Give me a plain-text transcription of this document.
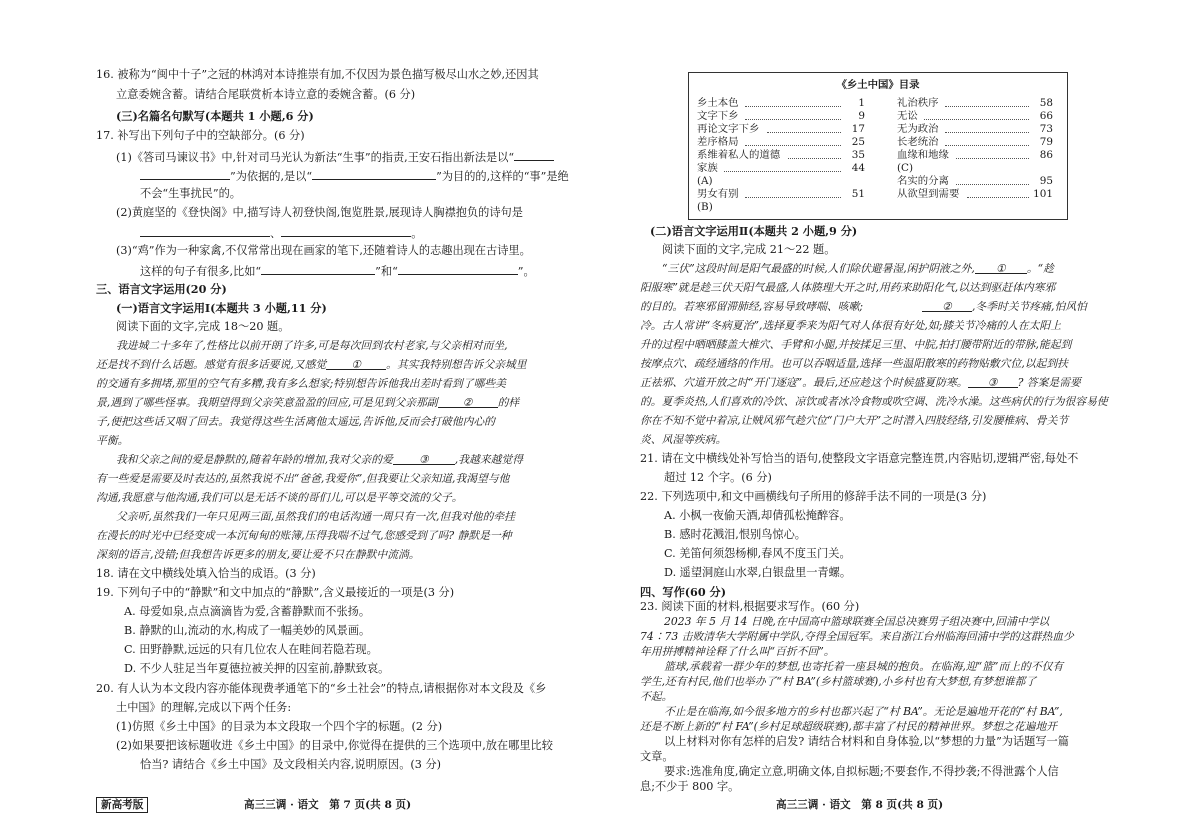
16. 被称为“闽中十子”之冠的林鸿对本诗推崇有加,不仅因为景色描写极尽山水之妙,还因其
立意委婉含蓄。请结合尾联赏析本诗立意的委婉含蓄。(6 分)
(三)名篇名句默写(本题共 1 小题,6 分)
17. 补写出下列句子中的空缺部分。(6 分)
(1)《答司马谏议书》中,针对司马光认为新法“生事”的指责,王安石指出新法是以“
”为依据的,是以“	”为目的的,这样的“事”是绝
不会“生事扰民”的。
(2)黄庭坚的《登快阁》中,描写诗人初登快阁,饱览胜景,展现诗人胸襟抱负的诗句是
、	。
(3)“鸡”作为一种家禽,不仅常常出现在画家的笔下,还随着诗人的志趣出现在古诗里。
这样的句子有很多,比如“	”和“	”。
三、语言文字运用(20 分)
(一)语言文字运用Ⅰ(本题共 3 小题,11 分)
阅读下面的文字,完成 18～20 题。
我进城二十多年了,性格比以前开朗了许多,可是每次回到农村老家,与父亲相对而坐,
还是找不到什么话题。感觉有很多话要说,又感觉 ① 。其实我特别想告诉父亲城里
的交通有多拥堵,那里的空气有多糟,我有多么想家;特别想告诉他我出差时看到了哪些美
景,遇到了哪些怪事。我期望得到父亲笑意盈盈的回应,可是见到父亲那副 ② 的样
子,便把这些话又咽了回去。我觉得这些生活离他太遥远,告诉他,反而会打破他内心的
平衡。
我和父亲之间的爱是静默的,随着年龄的增加,我对父亲的爱 ③ ,我越来越觉得
有一些爱是需要及时表达的,虽然我说不出“爸爸,我爱你”,但我要让父亲知道,我渴望与他
沟通,我愿意与他沟通,我们可以是无话不谈的哥们儿,可以是平等交流的父子。
父亲听,虽然我们一年只见两三面,虽然我们的电话沟通一周只有一次,但我对他的牵挂
在漫长的时光中已经变成一本沉甸甸的账簿,压得我喘不过气,您感受到了吗? 静默是一种
深刻的语言,没错;但我想告诉更多的朋友,要让爱不只在静默中流淌。
18. 请在文中横线处填入恰当的成语。(3 分)
19. 下列句子中的“静默”和文中加点的“静默”,含义最接近的一项是(3 分)
A. 母爱如泉,点点滴滴皆为爱,含蓄静默而不张扬。
B. 静默的山,流动的水,构成了一幅美妙的风景画。
C. 田野静默,远远的只有几位农人在畦间若隐若现。
D. 不少人驻足当年夏德拉被关押的囚室前,静默致哀。
20. 有人认为本文段内容亦能体现费孝通笔下的“乡土社会”的特点,请根据你对本文段及《乡
土中国》的理解,完成以下两个任务:
(1)仿照《乡土中国》的目录为本文段取一个四个字的标题。(2 分)
(2)如果要把该标题收进《乡土中国》的目录中,你觉得在提供的三个选项中,放在哪里比较
恰当? 请结合《乡土中国》及文段相关内容,说明原因。(3 分)
《乡土中国》目录
乡土本色	1
文字下乡	9
再论文字下乡	17
差序格局	25
系维着私人的道德	35
家族	44
(A)
男女有别	51
(B)
礼治秩序	58
无讼	66
无为政治	73
长老统治	79
血缘和地缘	86
(C)
名实的分离	95
从欲望到需要	101
(二)语言文字运用Ⅱ(本题共 2 小题,9 分)
阅读下面的文字,完成 21～22 题。
“三伏”这段时间是阳气最盛的时候,人们除伏避暑湿,闲护阴液之外, ① 。“趁
阳服寒”就是趁三伏天阳气最盛,人体腠理大开之时,用药来助阳化气,以达到驱赶体内寒邪
的目的。若寒邪留滞肺经,容易导致哮喘、咳嗽;	② ,冬季时关节疼痛,怕风怕
冷。古人常讲“冬病夏治”,选择夏季来为阳气对人体很有好处,如;膝关节冷痛的人在太阳上
升的过程中晒晒膝盖大椎穴、手臂和小腿,并按揉足三里、中脘,拍打腰带附近的带脉,能起到
按摩点穴、疏经通络的作用。也可以吞咽适量,选择一些温阳散寒的药物贴敷穴位,以起到扶
正祛邪、穴道开放之时“开门逐寇”。最后,还应趁这个时候盛夏防寒。 ③ ? 答案是需要
的。夏季炎热,人们喜欢的冷饮、凉饮或者冰冷食物或吹空调、洗冷水澡。这些病伏的行为很容易使
你在不知不觉中着凉,让贼风邪气趁穴位“门户大开”之时潜入四肢经络,引发腰椎病、骨关节
炎、风湿等疾病。
21. 请在文中横线处补写恰当的语句,使整段文字语意完整连贯,内容贴切,逻辑严密,每处不
超过 12 个字。(6 分)
22. 下列选项中,和文中画横线句子所用的修辞手法不同的一项是(3 分)
A. 小枫一夜偷天酒,却倩孤松掩醉容。
B. 感时花溅泪,恨别鸟惊心。
C. 羌笛何须怨杨柳,春风不度玉门关。
D. 遥望洞庭山水翠,白银盘里一青螺。
四、写作(60 分)
23. 阅读下面的材料,根据要求写作。(60 分)
2023 年 5 月 14 日晚,在中国高中篮球联赛全国总决赛男子组决赛中,回浦中学以
74∶73 击败清华大学附属中学队,夺得全国冠军。来自浙江台州临海回浦中学的这群热血少
年用拼搏精神诠释了什么叫“百折不回”。
篮球,承载着一群少年的梦想,也寄托着一座县城的抱负。在临海,迎“篮”而上的不仅有
学生,还有村民,他们也举办了“村 BA”(乡村篮球赛),小乡村也有大梦想,有梦想谁都了
不起。
不止是在临海,如今很多地方的乡村也都兴起了“村 BA”。无论是遍地开花的“村 BA”,
还是不断上新的“村 FA”(乡村足球超级联赛),都丰富了村民的精神世界。梦想之花遍地开
以上材料对你有怎样的启发? 请结合材料和自身体验,以“梦想的力量”为话题写一篇
文章。
要求:选准角度,确定立意,明确文体,自拟标题;不要套作,不得抄袭;不得泄露个人信
息;不少于 800 字。
新高考版	高三三调 · 语文　第 7 页(共 8 页)	高三三调 · 语文　第 8 页(共 8 页)
